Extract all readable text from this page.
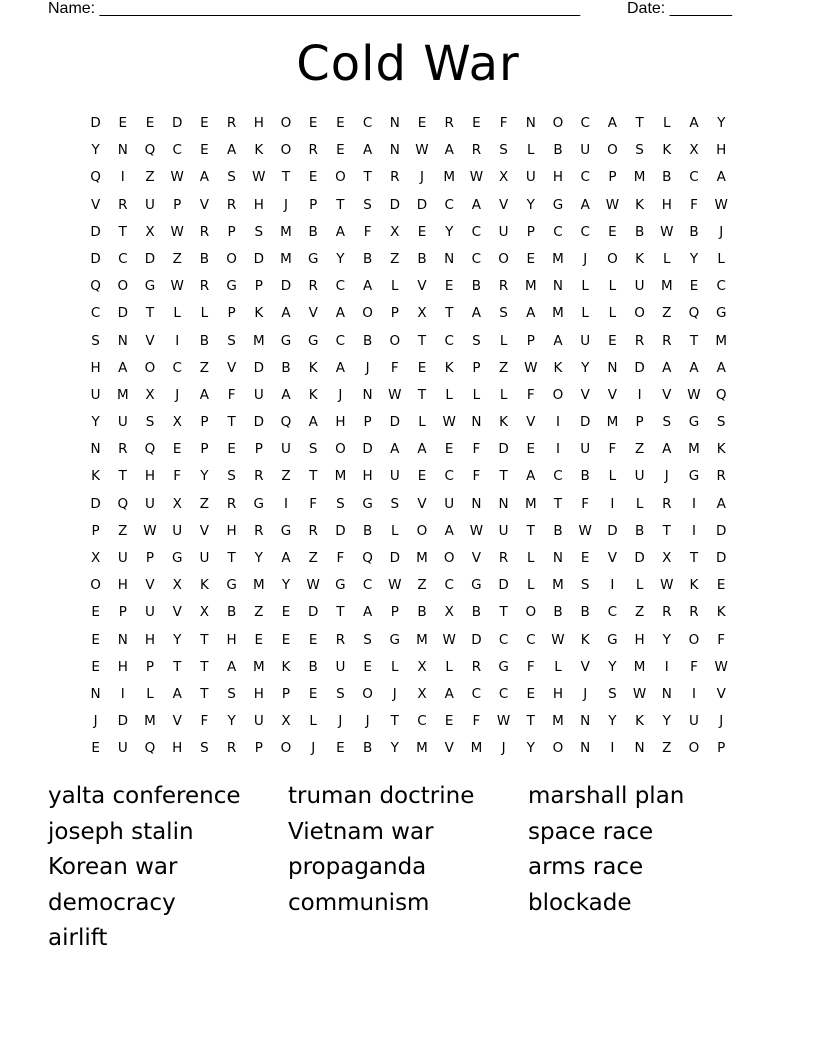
Name: ______________________________________________________	Date: _______
Cold War
D	E	E	D	E	R	H	O	E	E	C	N	E	R	E	F	N	O	C	A	T	L	A	Y
Y	N	Q	C	E	A	K	O	R	E	A	N	W	A	R	S	L	B	U	O	S	K	X	H
Q	I	Z	W	A	S	W	T	E	O	T	R	J	M	W	X	U	H	C	P	M	B	C	A
V	R	U	P	V	R	H	J	P	T	S	D	D	C	A	V	Y	G	A	W	K	H	F	W
D	T	X	W	R	P	S	M	B	A	F	X	E	Y	C	U	P	C	C	E	B	W	B	J
D	C	D	Z	B	O	D	M	G	Y	B	Z	B	N	C	O	E	M	J	O	K	L	Y	L
Q	O	G	W	R	G	P	D	R	C	A	L	V	E	B	R	M	N	L	L	U	M	E	C
C	D	T	L	L	P	K	A	V	A	O	P	X	T	A	S	A	M	L	L	O	Z	Q	G
S	N	V	I	B	S	M	G	G	C	B	O	T	C	S	L	P	A	U	E	R	R	T	M
H	A	O	C	Z	V	D	B	K	A	J	F	E	K	P	Z	W	K	Y	N	D	A	A	A
U	M	X	J	A	F	U	A	K	J	N	W	T	L	L	L	F	O	V	V	I	V	W	Q
Y	U	S	X	P	T	D	Q	A	H	P	D	L	W	N	K	V	I	D	M	P	S	G	S
N	R	Q	E	P	E	P	U	S	O	D	A	A	E	F	D	E	I	U	F	Z	A	M	K
K	T	H	F	Y	S	R	Z	T	M	H	U	E	C	F	T	A	C	B	L	U	J	G	R
D	Q	U	X	Z	R	G	I	F	S	G	S	V	U	N	N	M	T	F	I	L	R	I	A
P	Z	W	U	V	H	R	G	R	D	B	L	O	A	W	U	T	B	W	D	B	T	I	D
X	U	P	G	U	T	Y	A	Z	F	Q	D	M	O	V	R	L	N	E	V	D	X	T	D
O	H	V	X	K	G	M	Y	W	G	C	W	Z	C	G	D	L	M	S	I	L	W	K	E
E	P	U	V	X	B	Z	E	D	T	A	P	B	X	B	T	O	B	B	C	Z	R	R	K
E	N	H	Y	T	H	E	E	E	R	S	G	M	W	D	C	C	W	K	G	H	Y	O	F
E	H	P	T	T	A	M	K	B	U	E	L	X	L	R	G	F	L	V	Y	M	I	F	W
N	I	L	A	T	S	H	P	E	S	O	J	X	A	C	C	E	H	J	S	W	N	I	V
J	D	M	V	F	Y	U	X	L	J	J	T	C	E	F	W	T	M	N	Y	K	Y	U	J
E	U	Q	H	S	R	P	O	J	E	B	Y	M	V	M	J	Y	O	N	I	N	Z	O	P
yalta conference truman doctrine marshall plan
joseph stalin	Vietnam war	space race
Korean war	propaganda	arms race
democracy	communism	blockade
airlift
